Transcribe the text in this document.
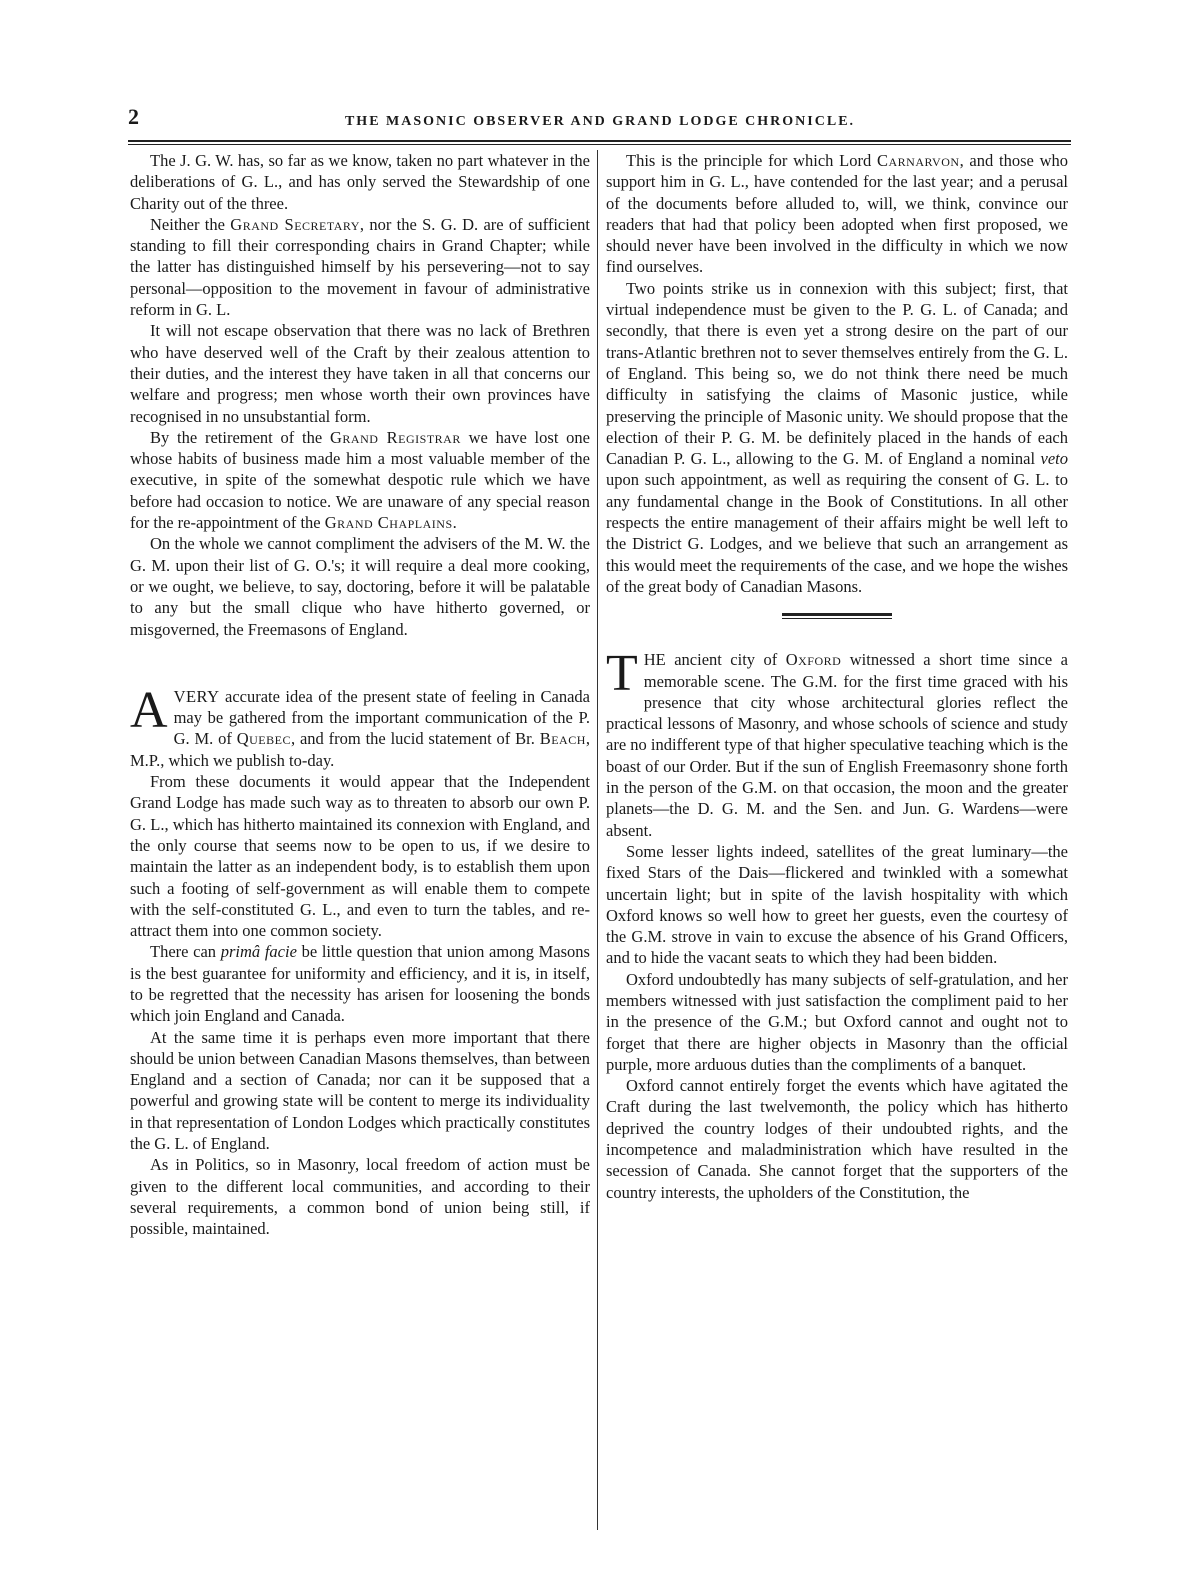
2	THE MASONIC OBSERVER AND GRAND LODGE CHRONICLE.

The J. G. W. has, so far as we know, taken no part whatever in the deliberations of G. L., and has only served the Stewardship of one Charity out of the three.

Neither the Grand Secretary, nor the S. G. D. are of sufficient standing to fill their corresponding chairs in Grand Chapter; while the latter has distinguished himself by his persevering—not to say personal—opposition to the movement in favour of administrative reform in G. L.

It will not escape observation that there was no lack of Brethren who have deserved well of the Craft by their zealous attention to their duties, and the interest they have taken in all that concerns our welfare and progress; men whose worth their own provinces have recognised in no unsubstantial form.

By the retirement of the Grand Registrar we have lost one whose habits of business made him a most valuable member of the executive, in spite of the somewhat despotic rule which we have before had occasion to notice. We are unaware of any special reason for the re-appointment of the Grand Chaplains.

On the whole we cannot compliment the advisers of the M. W. the G. M. upon their list of G. O.'s; it will require a deal more cooking, or we ought, we believe, to say, doctoring, before it will be palatable to any but the small clique who have hitherto governed, or misgoverned, the Freemasons of England.

AVERY accurate idea of the present state of feeling in Canada may be gathered from the important communication of the P. G. M. of Quebec, and from the lucid statement of Br. Beach, M.P., which we publish to-day.

From these documents it would appear that the Independent Grand Lodge has made such way as to threaten to absorb our own P. G. L., which has hitherto maintained its connexion with England, and the only course that seems now to be open to us, if we desire to maintain the latter as an independent body, is to establish them upon such a footing of self-government as will enable them to compete with the self-constituted G. L., and even to turn the tables, and re-attract them into one common society.

There can primâ facie be little question that union among Masons is the best guarantee for uniformity and efficiency, and it is, in itself, to be regretted that the necessity has arisen for loosening the bonds which join England and Canada.

At the same time it is perhaps even more important that there should be union between Canadian Masons themselves, than between England and a section of Canada; nor can it be supposed that a powerful and growing state will be content to merge its individuality in that representation of London Lodges which practically constitutes the G. L. of England.

As in Politics, so in Masonry, local freedom of action must be given to the different local communities, and according to their several requirements, a common bond of union being still, if possible, maintained.

This is the principle for which Lord Carnarvon, and those who support him in G. L., have contended for the last year; and a perusal of the documents before alluded to, will, we think, convince our readers that had that policy been adopted when first proposed, we should never have been involved in the difficulty in which we now find ourselves.

Two points strike us in connexion with this subject; first, that virtual independence must be given to the P. G. L. of Canada; and secondly, that there is even yet a strong desire on the part of our trans-Atlantic brethren not to sever themselves entirely from the G. L. of England. This being so, we do not think there need be much difficulty in satisfying the claims of Masonic justice, while preserving the principle of Masonic unity. We should propose that the election of their P. G. M. be definitely placed in the hands of each Canadian P. G. L., allowing to the G. M. of England a nominal veto upon such appointment, as well as requiring the consent of G. L. to any fundamental change in the Book of Constitutions. In all other respects the entire management of their affairs might be well left to the District G. Lodges, and we believe that such an arrangement as this would meet the requirements of the case, and we hope the wishes of the great body of Canadian Masons.

THE ancient city of Oxford witnessed a short time since a memorable scene. The G.M. for the first time graced with his presence that city whose architectural glories reflect the practical lessons of Masonry, and whose schools of science and study are no indifferent type of that higher speculative teaching which is the boast of our Order. But if the sun of English Freemasonry shone forth in the person of the G.M. on that occasion, the moon and the greater planets—the D. G. M. and the Sen. and Jun. G. Wardens—were absent.

Some lesser lights indeed, satellites of the great luminary—the fixed Stars of the Dais—flickered and twinkled with a somewhat uncertain light; but in spite of the lavish hospitality with which Oxford knows so well how to greet her guests, even the courtesy of the G.M. strove in vain to excuse the absence of his Grand Officers, and to hide the vacant seats to which they had been bidden.

Oxford undoubtedly has many subjects of self-gratulation, and her members witnessed with just satisfaction the compliment paid to her in the presence of the G.M.; but Oxford cannot and ought not to forget that there are higher objects in Masonry than the official purple, more arduous duties than the compliments of a banquet.

Oxford cannot entirely forget the events which have agitated the Craft during the last twelvemonth, the policy which has hitherto deprived the country lodges of their undoubted rights, and the incompetence and maladministration which have resulted in the secession of Canada. She cannot forget that the supporters of the country interests, the upholders of the Constitution, the
